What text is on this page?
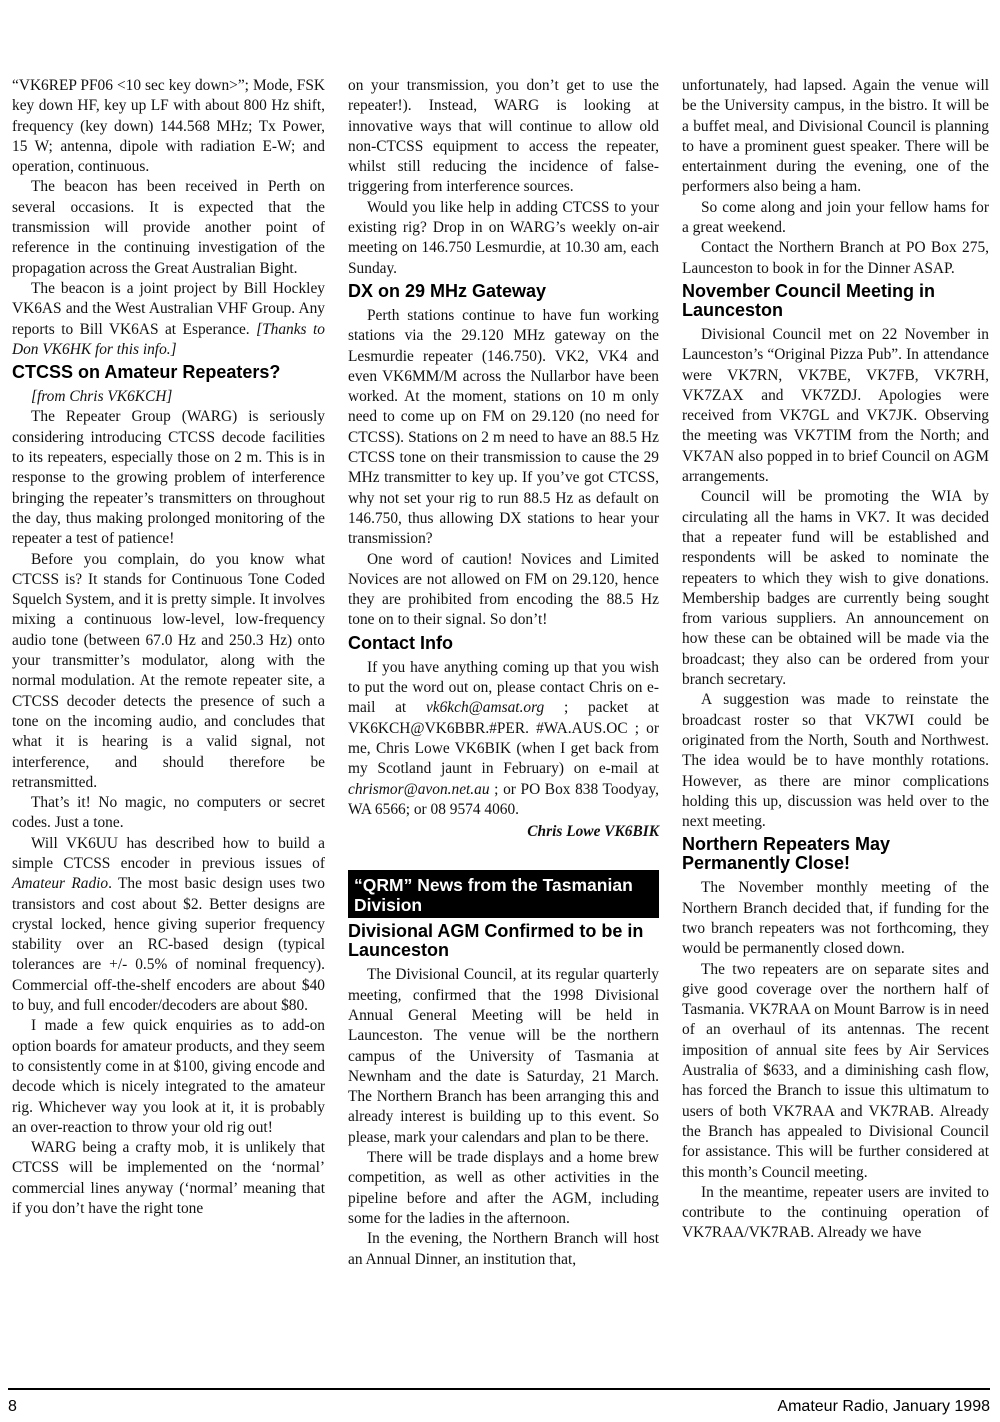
“VK6REP PF06 <10 sec key down>”; Mode, FSK key down HF, key up LF with about 800 Hz shift, frequency (key down) 144.568 MHz; Tx Power, 15 W; antenna, dipole with radiation E-W; and operation, continuous.

The beacon has been received in Perth on several occasions. It is expected that the transmission will provide another point of reference in the continuing investigation of the propagation across the Great Australian Bight.

The beacon is a joint project by Bill Hockley VK6AS and the West Australian VHF Group. Any reports to Bill VK6AS at Esperance. [Thanks to Don VK6HK for this info.]

CTCSS on Amateur Repeaters?

[from Chris VK6KCH]

The Repeater Group (WARG) is seriously considering introducing CTCSS decode facilities to its repeaters, especially those on 2 m. This is in response to the growing problem of interference bringing the repeater’s transmitters on throughout the day, thus making prolonged monitoring of the repeater a test of patience!

Before you complain, do you know what CTCSS is? It stands for Continuous Tone Coded Squelch System, and it is pretty simple. It involves mixing a continuous low-level, low-frequency audio tone (between 67.0 Hz and 250.3 Hz) onto your transmitter’s modulator, along with the normal modulation. At the remote repeater site, a CTCSS decoder detects the presence of such a tone on the incoming audio, and concludes that what it is hearing is a valid signal, not interference, and should therefore be retransmitted.

That’s it! No magic, no computers or secret codes. Just a tone.

Will VK6UU has described how to build a simple CTCSS encoder in previous issues of Amateur Radio. The most basic design uses two transistors and cost about $2. Better designs are crystal locked, hence giving superior frequency stability over an RC-based design (typical tolerances are +/- 0.5% of nominal frequency). Commercial off-the-shelf encoders are about $40 to buy, and full encoder/decoders are about $80.

I made a few quick enquiries as to add-on option boards for amateur products, and they seem to consistently come in at $100, giving encode and decode which is nicely integrated to the amateur rig. Whichever way you look at it, it is probably an over-reaction to throw your old rig out!

WARG being a crafty mob, it is unlikely that CTCSS will be implemented on the ‘normal’ commercial lines anyway (‘normal’ meaning that if you don’t have the right tone

on your transmission, you don’t get to use the repeater!). Instead, WARG is looking at innovative ways that will continue to allow old non-CTCSS equipment to access the repeater, whilst still reducing the incidence of false-triggering from interference sources.

Would you like help in adding CTCSS to your existing rig? Drop in on WARG’s weekly on-air meeting on 146.750 Lesmurdie, at 10.30 am, each Sunday.

DX on 29 MHz Gateway

Perth stations continue to have fun working stations via the 29.120 MHz gateway on the Lesmurdie repeater (146.750). VK2, VK4 and even VK6MM/M across the Nullarbor have been worked. At the moment, stations on 10 m only need to come up on FM on 29.120 (no need for CTCSS). Stations on 2 m need to have an 88.5 Hz CTCSS tone on their transmission to cause the 29 MHz transmitter to key up. If you’ve got CTCSS, why not set your rig to run 88.5 Hz as default on 146.750, thus allowing DX stations to hear your transmission?

One word of caution! Novices and Limited Novices are not allowed on FM on 29.120, hence they are prohibited from encoding the 88.5 Hz tone on to their signal. So don’t!

Contact Info

If you have anything coming up that you wish to put the word out on, please contact Chris on e-mail at vk6kch@amsat.org ; packet at VK6KCH@VK6BBR.#PER. #WA.AUS.OC ; or me, Chris Lowe VK6BIK (when I get back from my Scotland jaunt in February) on e-mail at chrismor@avon.net.au ; or PO Box 838 Toodyay, WA 6566; or 08 9574 4060.

Chris Lowe VK6BIK

“QRM” News from the Tasmanian Division
Divisional AGM Confirmed to be in Launceston

The Divisional Council, at its regular quarterly meeting, confirmed that the 1998 Divisional Annual General Meeting will be held in Launceston. The venue will be the northern campus of the University of Tasmania at Newnham and the date is Saturday, 21 March. The Northern Branch has been arranging this and already interest is building up to this event. So please, mark your calendars and plan to be there.

There will be trade displays and a home brew competition, as well as other activities in the pipeline before and after the AGM, including some for the ladies in the afternoon.

In the evening, the Northern Branch will host an Annual Dinner, an institution that,

unfortunately, had lapsed. Again the venue will be the University campus, in the bistro. It will be a buffet meal, and Divisional Council is planning to have a prominent guest speaker. There will be entertainment during the evening, one of the performers also being a ham.

So come along and join your fellow hams for a great weekend.

Contact the Northern Branch at PO Box 275, Launceston to book in for the Dinner ASAP.

November Council Meeting in Launceston

Divisional Council met on 22 November in Launceston’s “Original Pizza Pub”. In attendance were VK7RN, VK7BE, VK7FB, VK7RH, VK7ZAX and VK7ZDJ. Apologies were received from VK7GL and VK7JK. Observing the meeting was VK7TIM from the North; and VK7AN also popped in to brief Council on AGM arrangements.

Council will be promoting the WIA by circulating all the hams in VK7. It was decided that a repeater fund will be established and respondents will be asked to nominate the repeaters to which they wish to give donations. Membership badges are currently being sought from various suppliers. An announcement on how these can be obtained will be made via the broadcast; they also can be ordered from your branch secretary.

A suggestion was made to reinstate the broadcast roster so that VK7WI could be originated from the North, South and Northwest. The idea would be to have monthly rotations. However, as there are minor complications holding this up, discussion was held over to the next meeting.

Northern Repeaters May Permanently Close!

The November monthly meeting of the Northern Branch decided that, if funding for the two branch repeaters was not forthcoming, they would be permanently closed down.

The two repeaters are on separate sites and give good coverage over the northern half of Tasmania. VK7RAA on Mount Barrow is in need of an overhaul of its antennas. The recent imposition of annual site fees by Air Services Australia of $633, and a diminishing cash flow, has forced the Branch to issue this ultimatum to users of both VK7RAA and VK7RAB. Already the Branch has appealed to Divisional Council for assistance. This will be further considered at this month’s Council meeting.

In the meantime, repeater users are invited to contribute to the continuing operation of VK7RAA/VK7RAB. Already we have

8	Amateur Radio, January 1998
